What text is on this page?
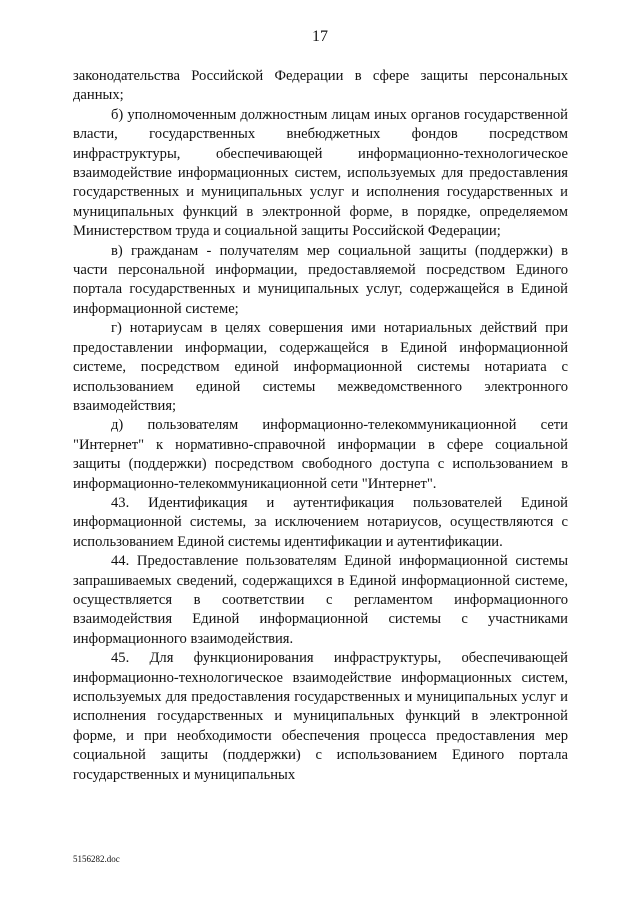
17

законодательства Российской Федерации в сфере защиты персональных данных;

б) уполномоченным должностным лицам иных органов государственной власти, государственных внебюджетных фондов посредством инфраструктуры, обеспечивающей информационно-технологическое взаимодействие информационных систем, используемых для предоставления государственных и муниципальных услуг и исполнения государственных и муниципальных функций в электронной форме, в порядке, определяемом Министерством труда и социальной защиты Российской Федерации;

в) гражданам - получателям мер социальной защиты (поддержки) в части персональной информации, предоставляемой посредством Единого портала государственных и муниципальных услуг, содержащейся в Единой информационной системе;

г) нотариусам в целях совершения ими нотариальных действий при предоставлении информации, содержащейся в Единой информационной системе, посредством единой информационной системы нотариата с использованием единой системы межведомственного электронного взаимодействия;

д) пользователям информационно-телекоммуникационной сети "Интернет" к нормативно-справочной информации в сфере социальной защиты (поддержки) посредством свободного доступа с использованием в информационно-телекоммуникационной сети "Интернет".

43. Идентификация и аутентификация пользователей Единой информационной системы, за исключением нотариусов, осуществляются с использованием Единой системы идентификации и аутентификации.

44. Предоставление пользователям Единой информационной системы запрашиваемых сведений, содержащихся в Единой информационной системе, осуществляется в соответствии с регламентом информационного взаимодействия Единой информационной системы с участниками информационного взаимодействия.

45. Для функционирования инфраструктуры, обеспечивающей информационно-технологическое взаимодействие информационных систем, используемых для предоставления государственных и муниципальных услуг и исполнения государственных и муниципальных функций в электронной форме, и при необходимости обеспечения процесса предоставления мер социальной защиты (поддержки) с использованием Единого портала государственных и муниципальных

5156282.doc
